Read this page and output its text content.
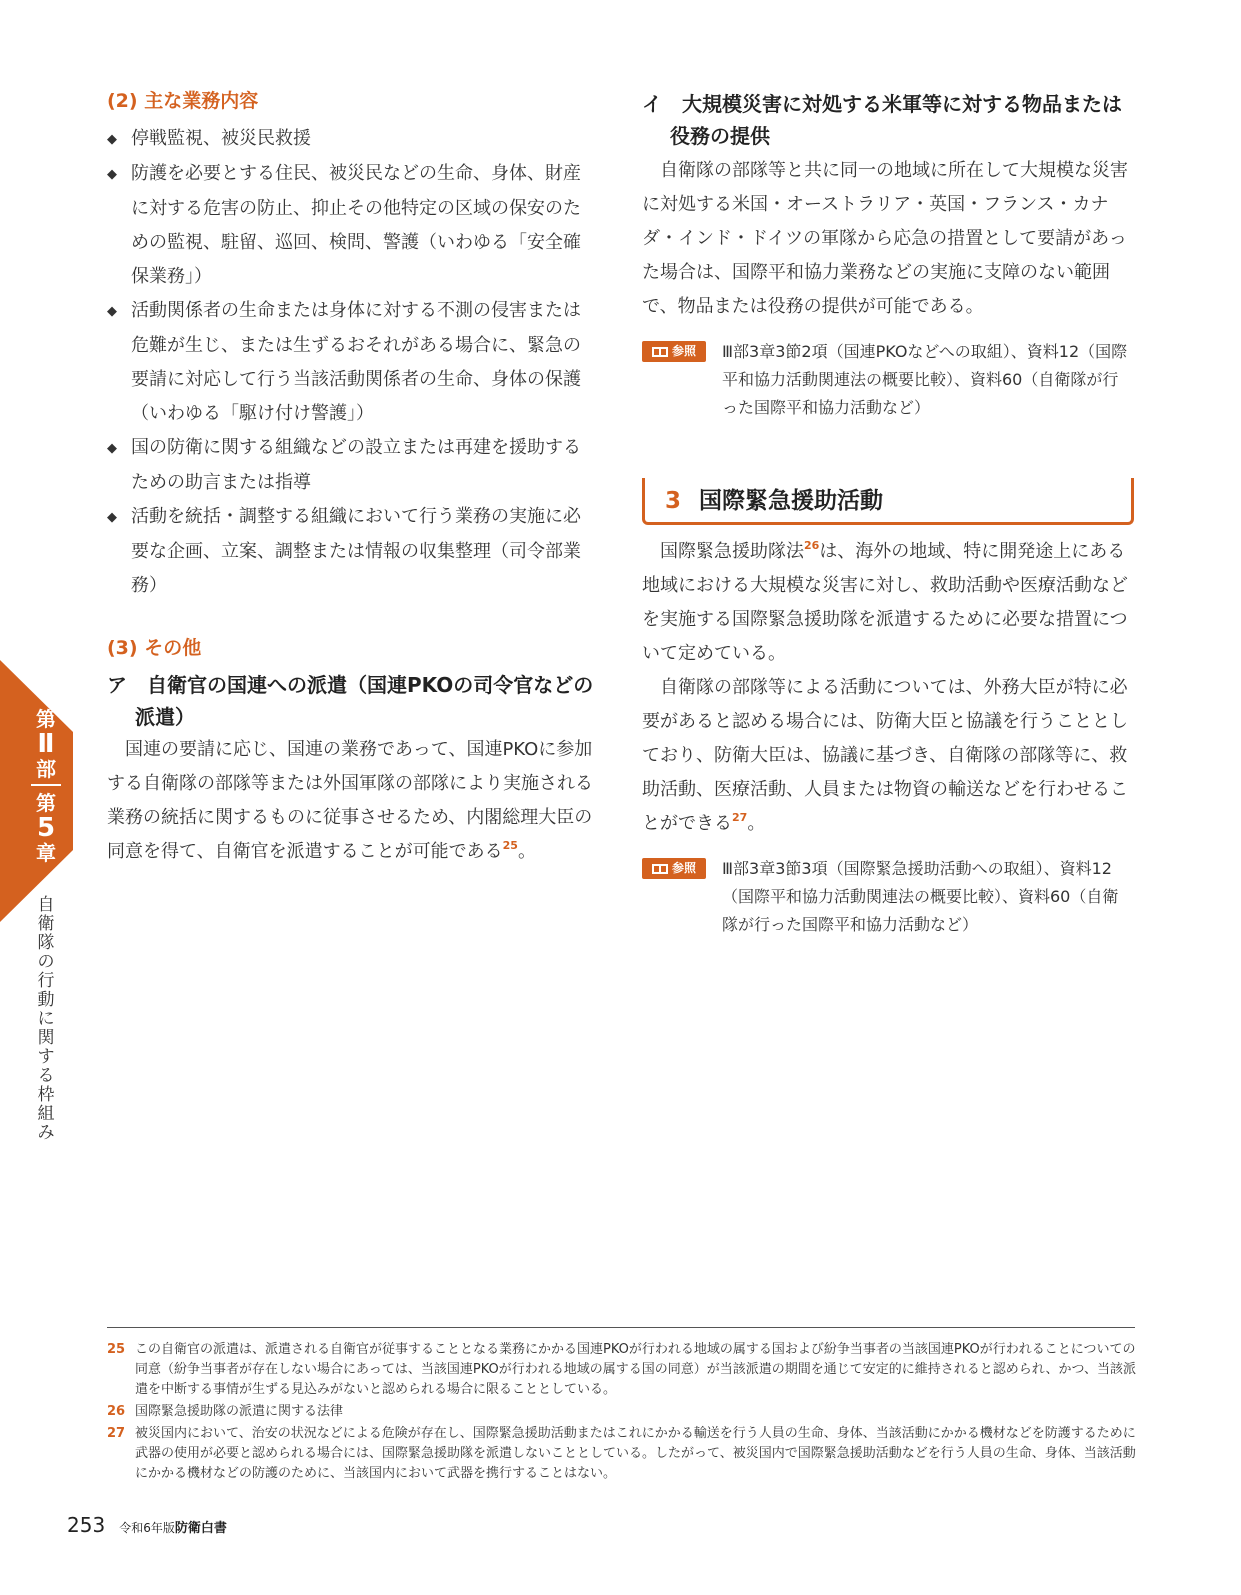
(2) 主な業務内容

◆ 停戦監視、被災民救援

◆ 防護を必要とする住民、被災民などの生命、身体、財産に対する危害の防止、抑止その他特定の区域の保安のための監視、駐留、巡回、検問、警護（いわゆる「安全確保業務」）

◆ 活動関係者の生命または身体に対する不測の侵害または危難が生じ、または生ずるおそれがある場合に、緊急の要請に対応して行う当該活動関係者の生命、身体の保護（いわゆる「駆け付け警護」）

◆ 国の防衛に関する組織などの設立または再建を援助するための助言または指導

◆ 活動を統括・調整する組織において行う業務の実施に必要な企画、立案、調整または情報の収集整理（司令部業務）

(3) その他

ア　自衛官の国連への派遣（国連PKOの司令官などの派遣）

国連の要請に応じ、国連の業務であって、国連PKOに参加する自衛隊の部隊等または外国軍隊の部隊により実施される業務の統括に関するものに従事させるため、内閣総理大臣の同意を得て、自衛官を派遣することが可能である$^{25}$。

イ　大規模災害に対処する米軍等に対する物品または役務の提供

自衛隊の部隊等と共に同一の地域に所在して大規模な災害に対処する米国・オーストラリア・英国・フランス・カナダ・インド・ドイツの軍隊から応急の措置として要請があった場合は、国際平和協力業務などの実施に支障のない範囲で、物品または役務の提供が可能である。

参照 Ⅲ部3章3節2項（国連PKOなどへの取組）、資料12（国際平和協力活動関連法の概要比較）、資料60（自衛隊が行った国際平和協力活動など）
3 国際緊急援助活動

国際緊急援助隊法$^{26}$は、海外の地域、特に開発途上にある地域における大規模な災害に対し、救助活動や医療活動などを実施する国際緊急援助隊を派遣するために必要な措置について定めている。

自衛隊の部隊等による活動については、外務大臣が特に必要があると認める場合には、防衛大臣と協議を行うこととしており、防衛大臣は、協議に基づき、自衛隊の部隊等に、救助活動、医療活動、人員または物資の輸送などを行わせることができる$^{27}$。

参照 Ⅲ部3章3節3項（国際緊急援助活動への取組）、資料12（国際平和協力活動関連法の概要比較）、資料60（自衛隊が行った国際平和協力活動など）
第
Ⅱ
部
第
5
章
自
衛
隊
の
行
動
に
関
す
る
枠
組
み

25 この自衛官の派遣は、派遣される自衛官が従事することとなる業務にかかる国連PKOが行われる地域の属する国および紛争当事者の当該国連PKOが行われることについての同意（紛争当事者が存在しない場合にあっては、当該国連PKOが行われる地域の属する国の同意）が当該派遣の期間を通じて安定的に維持されると認められ、かつ、当該派遣を中断する事情が生ずる見込みがないと認められる場合に限ることとしている。

26 国際緊急援助隊の派遣に関する法律

27 被災国内において、治安の状況などによる危険が存在し、国際緊急援助活動またはこれにかかる輸送を行う人員の生命、身体、当該活動にかかる機材などを防護するために武器の使用が必要と認められる場合には、国際緊急援助隊を派遣しないこととしている。したがって、被災国内で国際緊急援助活動などを行う人員の生命、身体、当該活動にかかる機材などの防護のために、当該国内において武器を携行することはない。

253 令和6年版防衛白書
